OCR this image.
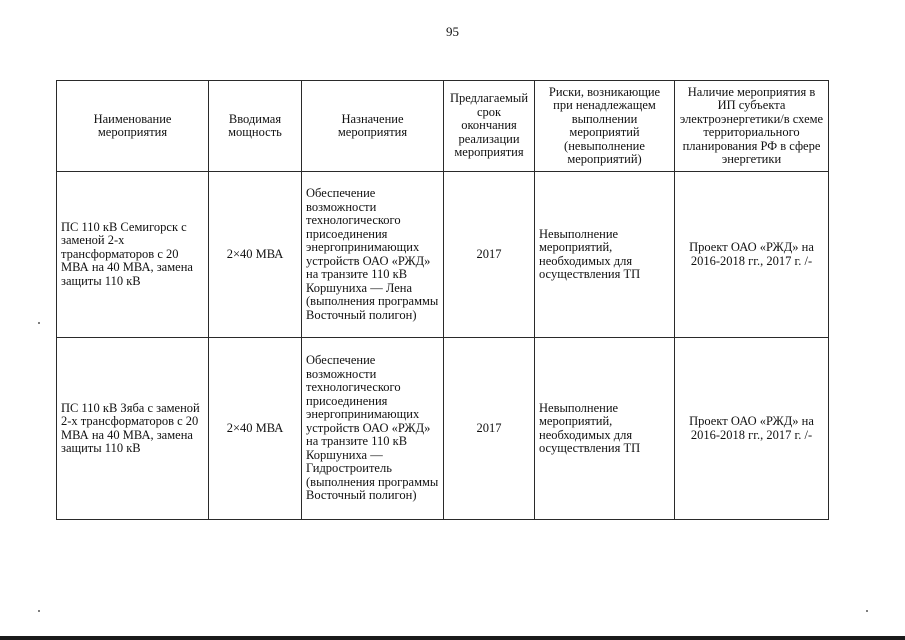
95
Наименование мероприятия	Вводимая мощность	Назначение мероприятия	Предлагаемый срок окончания реализации мероприятия	Риски, возникающие при ненадлежащем выполнении мероприятий (невыполнение мероприятий)	Наличие мероприятия в ИП субъекта электроэнергетики/в схеме территориального планирования РФ в сфере энергетики
ПС 110 кВ Семигорск с заменой 2-х трансформаторов с 20 МВА на 40 МВА, замена защиты 110 кВ	2×40 МВА	Обеспечение возможности технологического присоединения энергопринимающих устройств ОАО «РЖД» на транзите 110 кВ Коршуниха — Лена (выполнения программы Восточный полигон)	2017	Невыполнение мероприятий, необходимых для осуществления ТП	Проект ОАО «РЖД» на 2016-2018 гг., 2017 г. /-
ПС 110 кВ Зяба с заменой 2-х трансформаторов с 20 МВА на 40 МВА, замена защиты 110 кВ	2×40 МВА	Обеспечение возможности технологического присоединения энергопринимающих устройств ОАО «РЖД» на транзите 110 кВ Коршуниха — Гидростроитель (выполнения программы Восточный полигон)	2017	Невыполнение мероприятий, необходимых для осуществления ТП	Проект ОАО «РЖД» на 2016-2018 гг., 2017 г. /-
